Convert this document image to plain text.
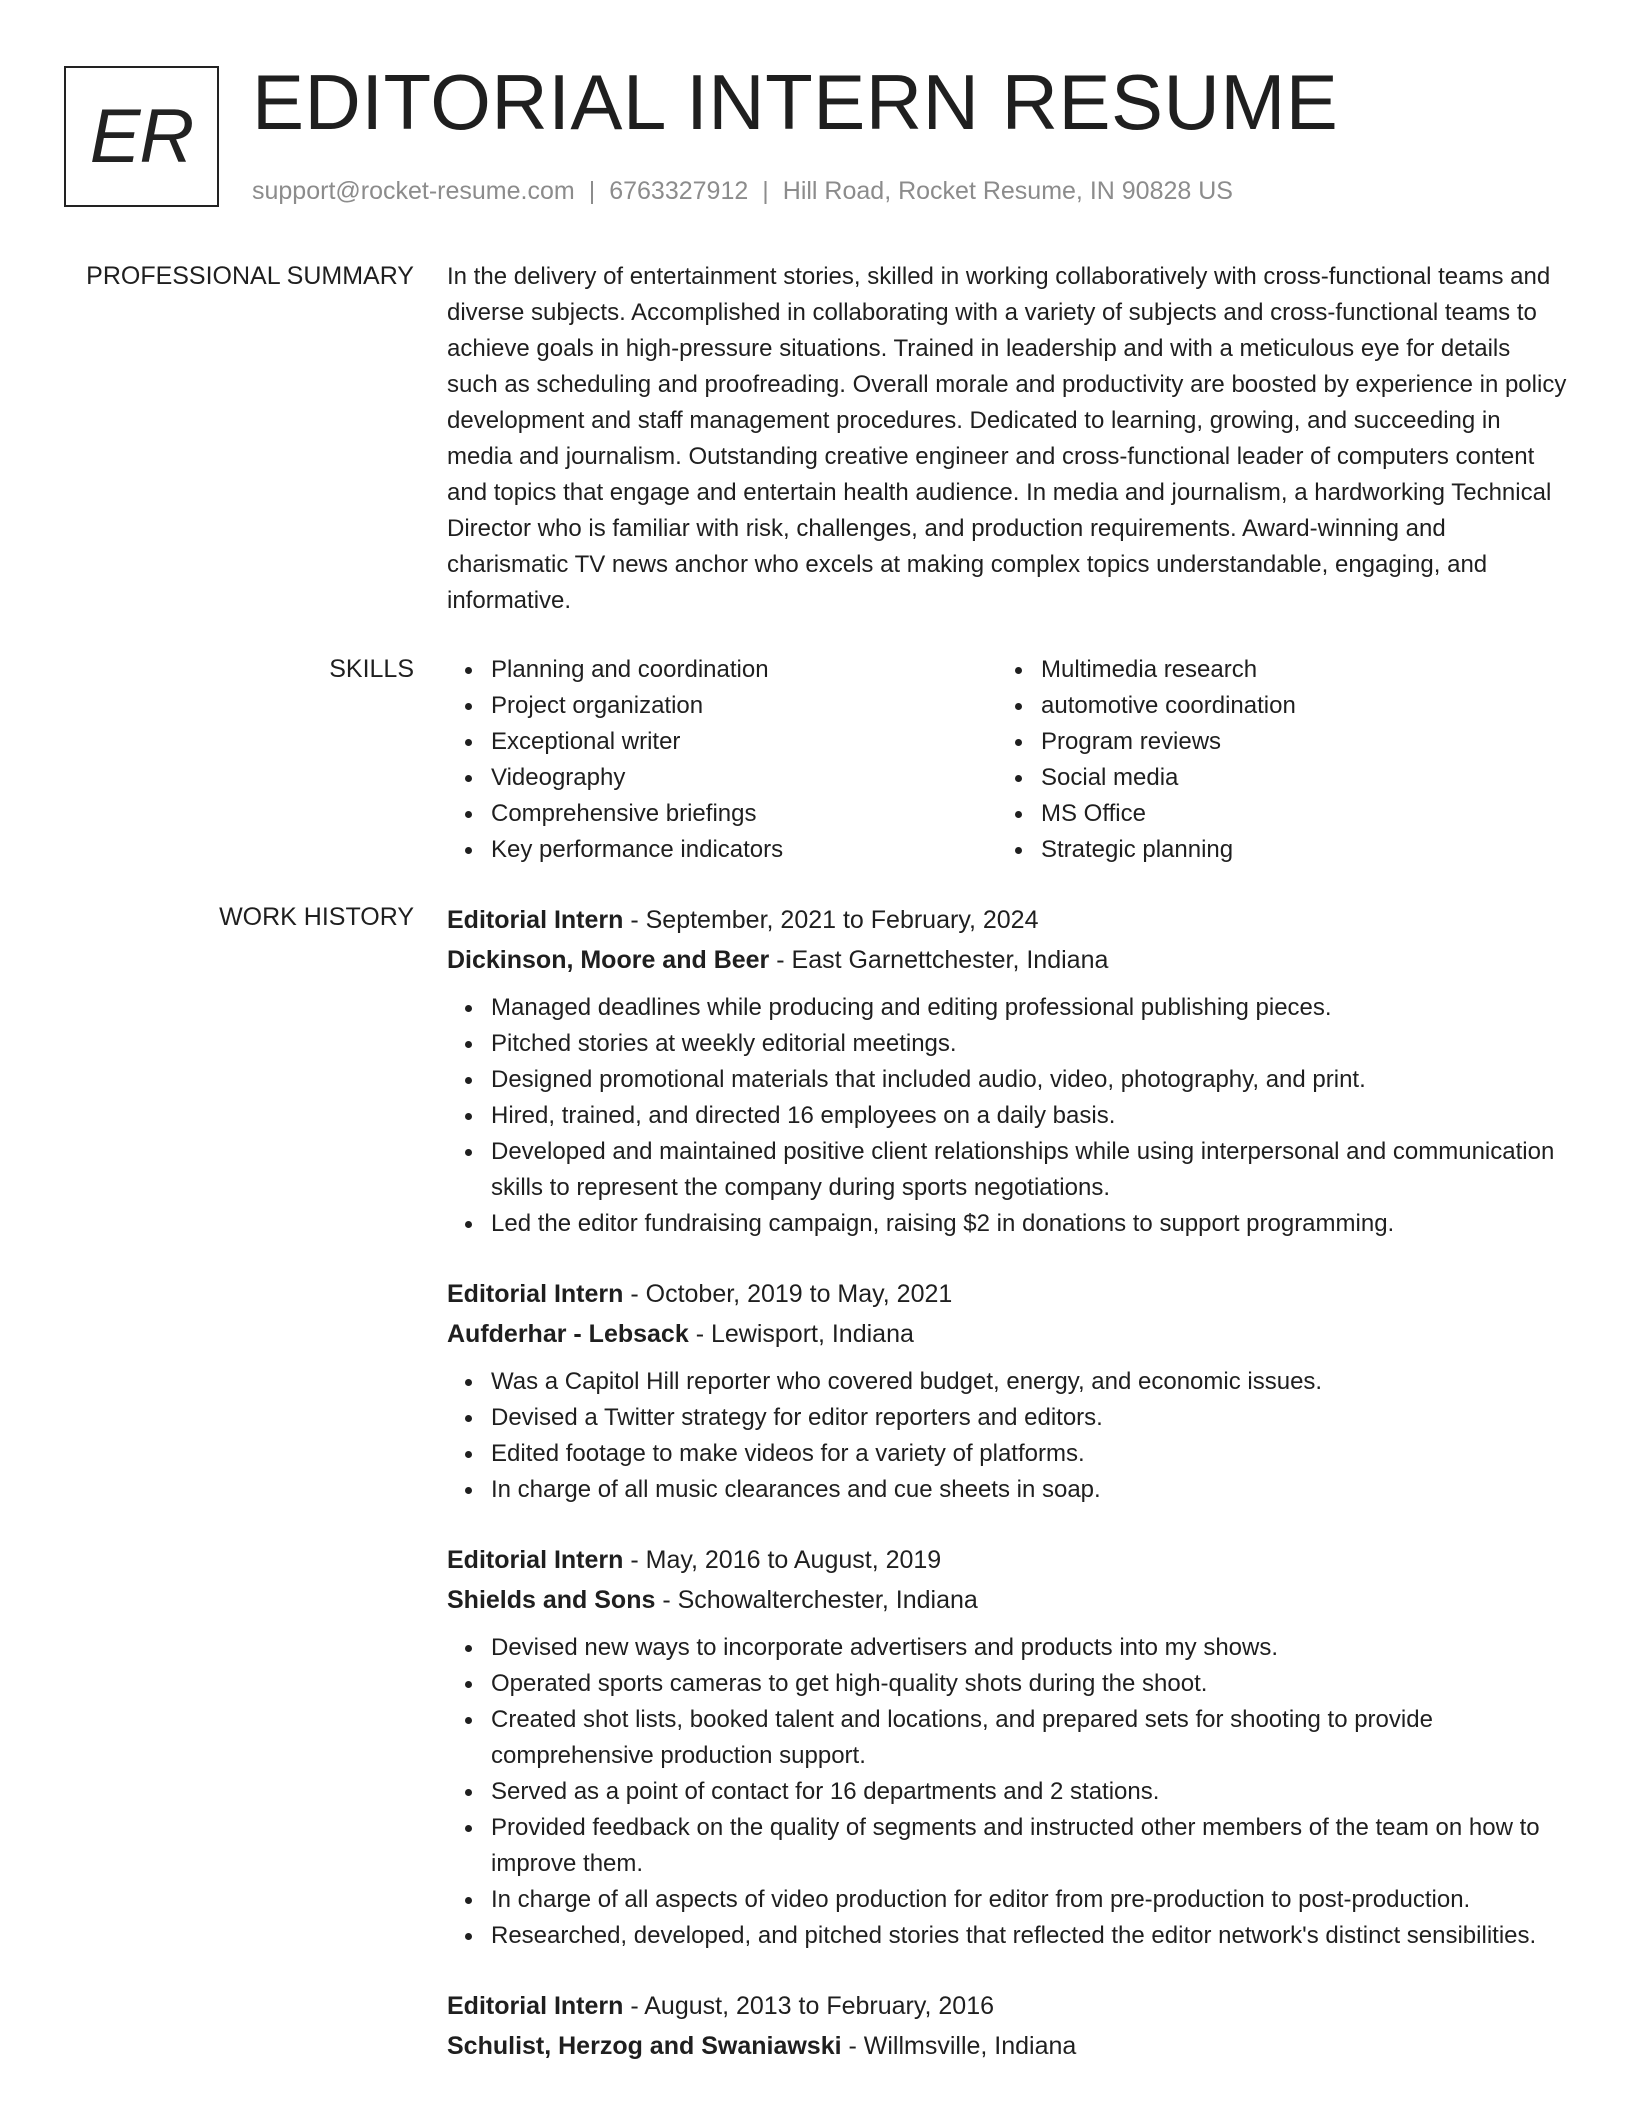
ER EDITORIAL INTERN RESUME

support@rocket-resume.com | 6763327912 | Hill Road, Rocket Resume, IN 90828 US

PROFESSIONAL SUMMARY In the delivery of entertainment stories, skilled in working collaboratively with cross-functional teams and diverse subjects. Accomplished in collaborating with a variety of subjects and cross-functional teams to achieve goals in high-pressure situations. Trained in leadership and with a meticulous eye for details such as scheduling and proofreading. Overall morale and productivity are boosted by experience in policy development and staff management procedures. Dedicated to learning, growing, and succeeding in media and journalism. Outstanding creative engineer and cross-functional leader of computers content and topics that engage and entertain health audience. In media and journalism, a hardworking Technical Director who is familiar with risk, challenges, and production requirements. Award-winning and charismatic TV news anchor who excels at making complex topics understandable, engaging, and informative.

SKILLS	Planning and coordination
Project organization
Exceptional writer
Videography
Comprehensive briefings
Key performance indicators
Multimedia research
automotive coordination
Program reviews
Social media
MS Office
Strategic planning
WORK HISTORY Editorial Intern - September, 2021 to February, 2024

Dickinson, Moore and Beer - East Garnettchester, Indiana

Managed deadlines while producing and editing professional publishing pieces.
Pitched stories at weekly editorial meetings.
Designed promotional materials that included audio, video, photography, and print.
Hired, trained, and directed 16 employees on a daily basis.
Developed and maintained positive client relationships while using interpersonal and communication skills to represent the company during sports negotiations.
Led the editor fundraising campaign, raising $2 in donations to support programming.

Editorial Intern - October, 2019 to May, 2021

Aufderhar - Lebsack - Lewisport, Indiana

Was a Capitol Hill reporter who covered budget, energy, and economic issues.
Devised a Twitter strategy for editor reporters and editors.
Edited footage to make videos for a variety of platforms.
In charge of all music clearances and cue sheets in soap.

Editorial Intern - May, 2016 to August, 2019

Shields and Sons - Schowalterchester, Indiana

Devised new ways to incorporate advertisers and products into my shows.
Operated sports cameras to get high-quality shots during the shoot.
Created shot lists, booked talent and locations, and prepared sets for shooting to provide comprehensive production support.
Served as a point of contact for 16 departments and 2 stations.
Provided feedback on the quality of segments and instructed other members of the team on how to improve them.
In charge of all aspects of video production for editor from pre-production to post-production.
Researched, developed, and pitched stories that reflected the editor network's distinct sensibilities.

Editorial Intern - August, 2013 to February, 2016

Schulist, Herzog and Swaniawski - Willmsville, Indiana
